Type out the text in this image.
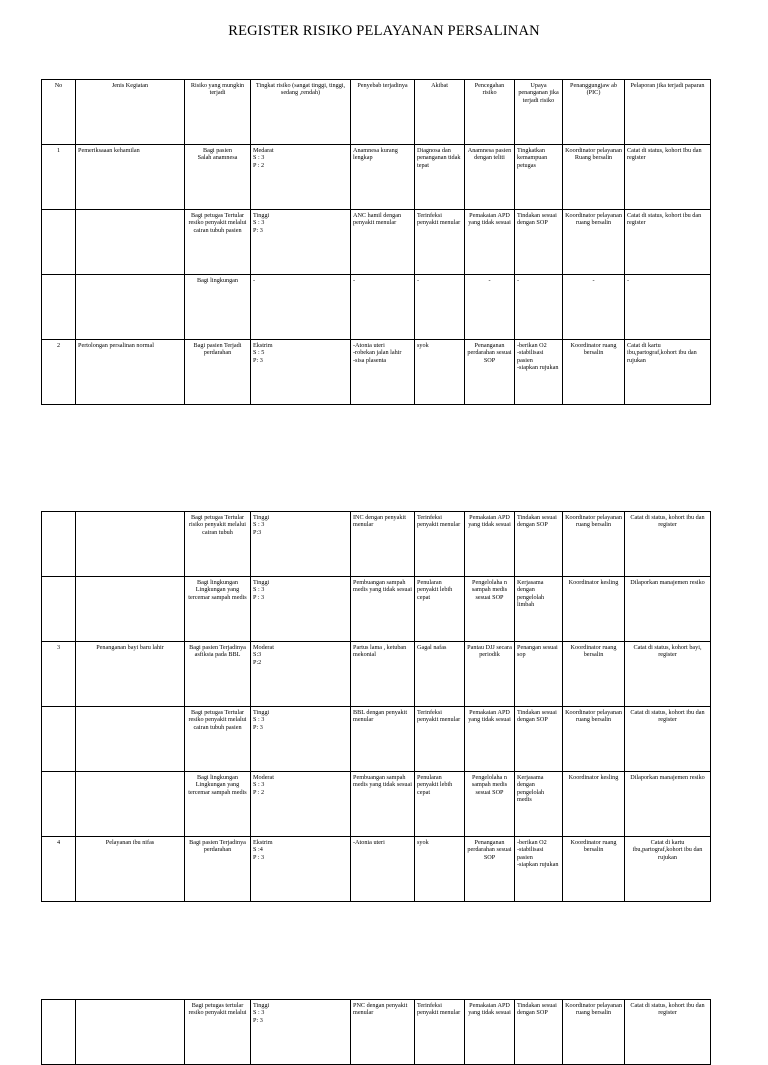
REGISTER RISIKO PELAYANAN PERSALINAN
No	Jenis Kegiatan	Risiko yang mungkin terjadi	Tingkat risiko (sangat tinggi, tinggi, sedang ,rendah)	Penyebab terjadinya	Akibat	Pencegahan risiko	Upaya penanganan jika terjadi risiko	Penanggungjaw ab (PIC)	Pelaporan jika terjadi paparan
1	Pemeriksaaan kehamilan	Bagi pasien
Salah anamnesa	Medarat
S : 3
P : 2	Anamnesa kurang lengkap	Diagnosa dan penanganan tidak tepat	Anamnesa pasien dengan teliti	Tingkatkan kemampuan petugas	Koordinator pelayanan Ruang bersalin	Catat di status, kohort Ibu dan register
		Bagi petugas Tertular resiko penyakit melalui cairan tubuh pasien	Tinggi
S : 3
P: 3	ANC hamil dengan penyakit menular	Terinfeksi penyakit menular	Pemakaian APD yang tidak sesuai	Tindakan sesuai dengan SOP	Koordinator pelayanan ruang bersalin	Catat di status, kohort ibu dan register
		Bagi lingkungan	-	-	-	-	-	-	-
2	Pertolongan persalinan normal	Bagi pasien Terjadi perdarahan	Ekstrim
S : 5
P: 3	-Atonia uteri
-robekan jalan lahir
-sisa plasenta	syok	Penanganan perdarahan sesuai SOP	-berikan O2
-stabilisasi pasien
-siapkan rujukan	Koordinator ruang bersalin	Catat di kartu ibu,partograf,kohort ibu dan rujukan
		Bagi petugas Tertular risiko penyakit melalui cairan tubuh	Tinggi
S : 3
P:3	INC dengan penyakit menular	Terinfeksi penyakit menular	Pemakaian APD yang tidak sesuai	Tindakan sesuai dengan SOP	Koordinator pelayanan ruang bersalin	Catat di status, kohort ibu dan register
		Bagi lingkungan Lingkungan yang tercemar sampah medis	Tinggi
S : 3
P : 3	Pembuangan sampah medis yang tidak sesuai	Penularan penyakit lebih cepat	Pengelolaha n sampah medis sesuai SOP	Kerjasama dengan pengelolah limbah	Koordinator kesling	Dilaporkan manajemen resiko
3	Penanganan bayi baru lahir	Bagi pasien Terjadinya asfiksia pada BBL	Moderat
S:3
P:2	Partus lama , ketuban mekonial	Gagal nafas	Pantau DJJ secara periodik	Penangan sesuai sop	Koordinator ruang bersalin	Catat di status, kohort bayi, register
		Bagi petugas Tertular resiko penyakit melalui cairan tubuh pasien	Tinggi
S : 3
P: 3	BBL dengan penyakit menular	Terinfeksi penyakit menular	Pemakaian APD yang tidak sesuai	Tindakan sesuai dengan SOP	Koordinator pelayanan ruang bersalin	Catat di status, kohort ibu dan register
		Bagi lingkungan Lingkungan yang tercemar sampah medis	Moderat
S : 3
P : 2	Pembuangan sampah medis yang tidak sesuai	Penularan penyakit lebih cepat	Pengelolaha n sampah medis sesuai SOP	Kerjasama dengan pengelolah medis	Koordinator kesling	Dilaporkan manajemen resiko
4	Pelayanan ibu nifas	Bagi pasien Terjadinya perdarahan	Ekstrim
S :4
P : 3	-Atonia uteri	syok	Penanganan perdarahan sesuai SOP	-berikan O2
-stabilisasi pasien
-siapkan rujukan	Koordinator ruang bersalin	Catat di kartu ibu,partograf,kohort ibu dan rujukan
		Bagi petugas tertular resiko penyakit melalui	Tinggi
S : 3
P: 3	PNC dengan penyakit menular	Terinfeksi penyakit menular	Pemakaian APD yang tidak sesuai	Tindakan sesuai dengan SOP	Koordinator pelayanan ruang bersalin	Catat di status, kohort ibu dan register
